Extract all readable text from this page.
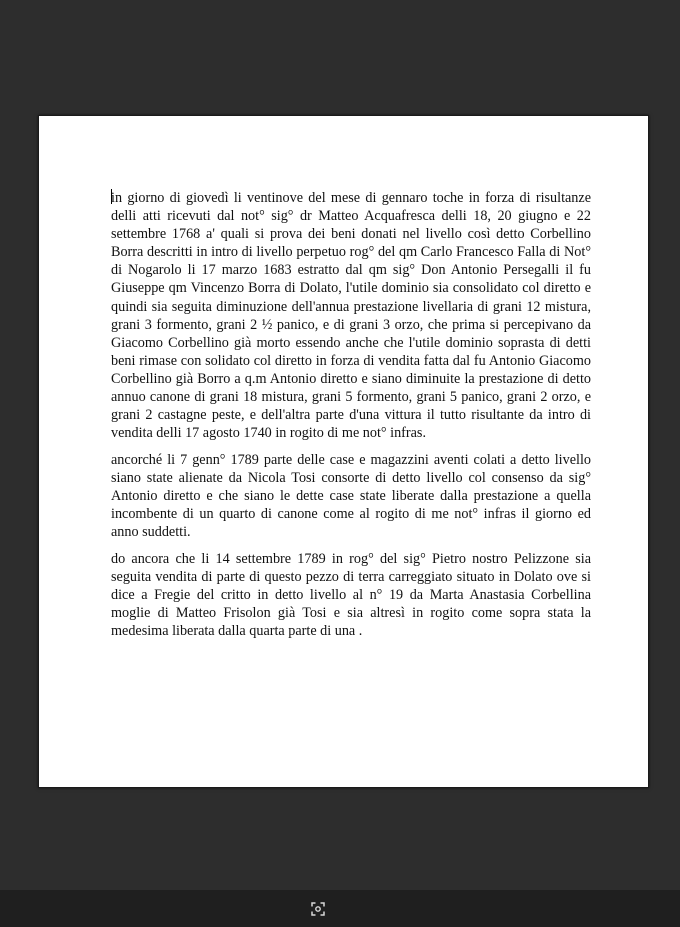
in giorno di giovedì li ventinove del mese di gennaro toche in forza di risultanze delli atti ricevuti dal not° sig° dr Matteo Acquafresca delli 18, 20 giugno e 22 settembre 1768 a' quali si prova dei beni donati nel livello così detto Corbellino Borra descritti in intro di livello perpetuo rog° del qm Carlo Francesco Falla di Not° di Nogarolo li 17 marzo 1683 estratto dal qm sig° Don Antonio Persegalli il fu Giuseppe qm Vincenzo Borra di Dolato, l'utile dominio sia consolidato col diretto e quindi sia seguita diminuzione dell'annua prestazione livellaria di grani 12 mistura, grani 3 formento, grani 2 ½ panico, e di grani 3 orzo, che prima si percepivano da Giacomo Corbellino già morto essendo anche che l'utile dominio soprasta di detti beni rimase con solidato col diretto in forza di vendita fatta dal fu Antonio Giacomo Corbellino già Borro a q.m Antonio diretto e siano diminuite la prestazione di detto annuo canone di grani 18 mistura, grani 5 formento, grani 5 panico, grani 2 orzo, e grani 2 castagne peste, e dell'altra parte d'una vittura il tutto risultante da intro di vendita delli 17 agosto 1740 in rogito di me not° infras.

ancorché li 7 genn° 1789 parte delle case e magazzini aventi colati a detto livello siano state alienate da Nicola Tosi consorte di detto livello col consenso da sig° Antonio diretto e che siano le dette case state liberate dalla prestazione a quella incombente di un quarto di canone come al rogito di me not° infras il giorno ed anno suddetti.

do ancora che li 14 settembre 1789 in rog° del sig° Pietro nostro Pelizzone sia seguita vendita di parte di questo pezzo di terra carreggiato situato in Dolato ove si dice a Fregie del critto in detto livello al n° 19 da Marta Anastasia Corbellina moglie di Matteo Frisolon già Tosi e sia altresì in rogito come sopra stata la medesima liberata dalla quarta parte di una .
